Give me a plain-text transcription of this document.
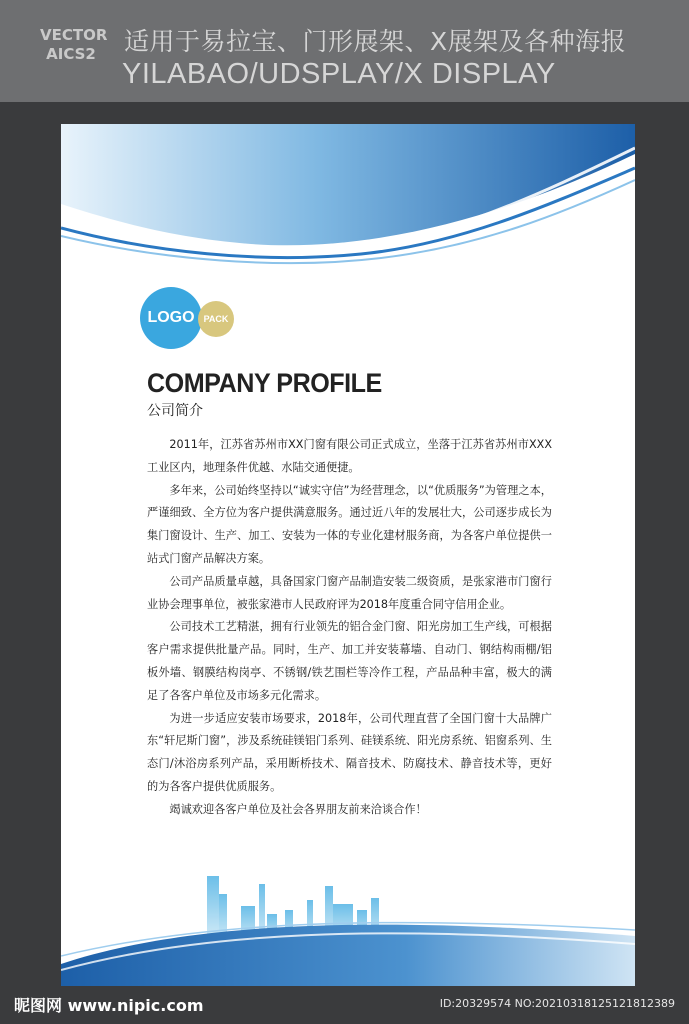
VECTOR
AICS2 适用于易拉宝、门形展架、X展架及各种海报
YILABAO/UDSPLAY/X DISPLAY
LOGO	PACK
COMPANY PROFILE
公司简介

2011年，江苏省苏州市XX门窗有限公司正式成立，坐落于江苏省苏州市XXX工业区内，地理条件优越、水陆交通便捷。

多年来，公司始终坚持以“诚实守信”为经营理念，以“优质服务”为管理之本，严谨细致、全方位为客户提供满意服务。通过近八年的发展壮大，公司逐步成长为集门窗设计、生产、加工、安装为一体的专业化建材服务商，为各客户单位提供一站式门窗产品解决方案。

公司产品质量卓越，具备国家门窗产品制造安装二级资质，是张家港市门窗行业协会理事单位，被张家港市人民政府评为2018年度重合同守信用企业。

公司技术工艺精湛，拥有行业领先的铝合金门窗、阳光房加工生产线，可根据客户需求提供批量产品。同时，生产、加工并安装幕墙、自动门、钢结构雨棚/铝板外墙、钢膜结构岗亭、不锈钢/铁艺围栏等冷作工程，产品品种丰富，极大的满足了各客户单位及市场多元化需求。

为进一步适应安装市场要求，2018年，公司代理直营了全国门窗十大品牌广东“轩尼斯门窗”，涉及系统硅镁铝门系列、硅镁系统、阳光房系统、铝窗系列、生态门/沐浴房系列产品，采用断桥技术、隔音技术、防腐技术、静音技术等，更好的为各客户提供优质服务。

竭诚欢迎各客户单位及社会各界朋友前来洽谈合作！

昵图网 www.nipic.com	ID:20329574 NO:20210318125121812389
